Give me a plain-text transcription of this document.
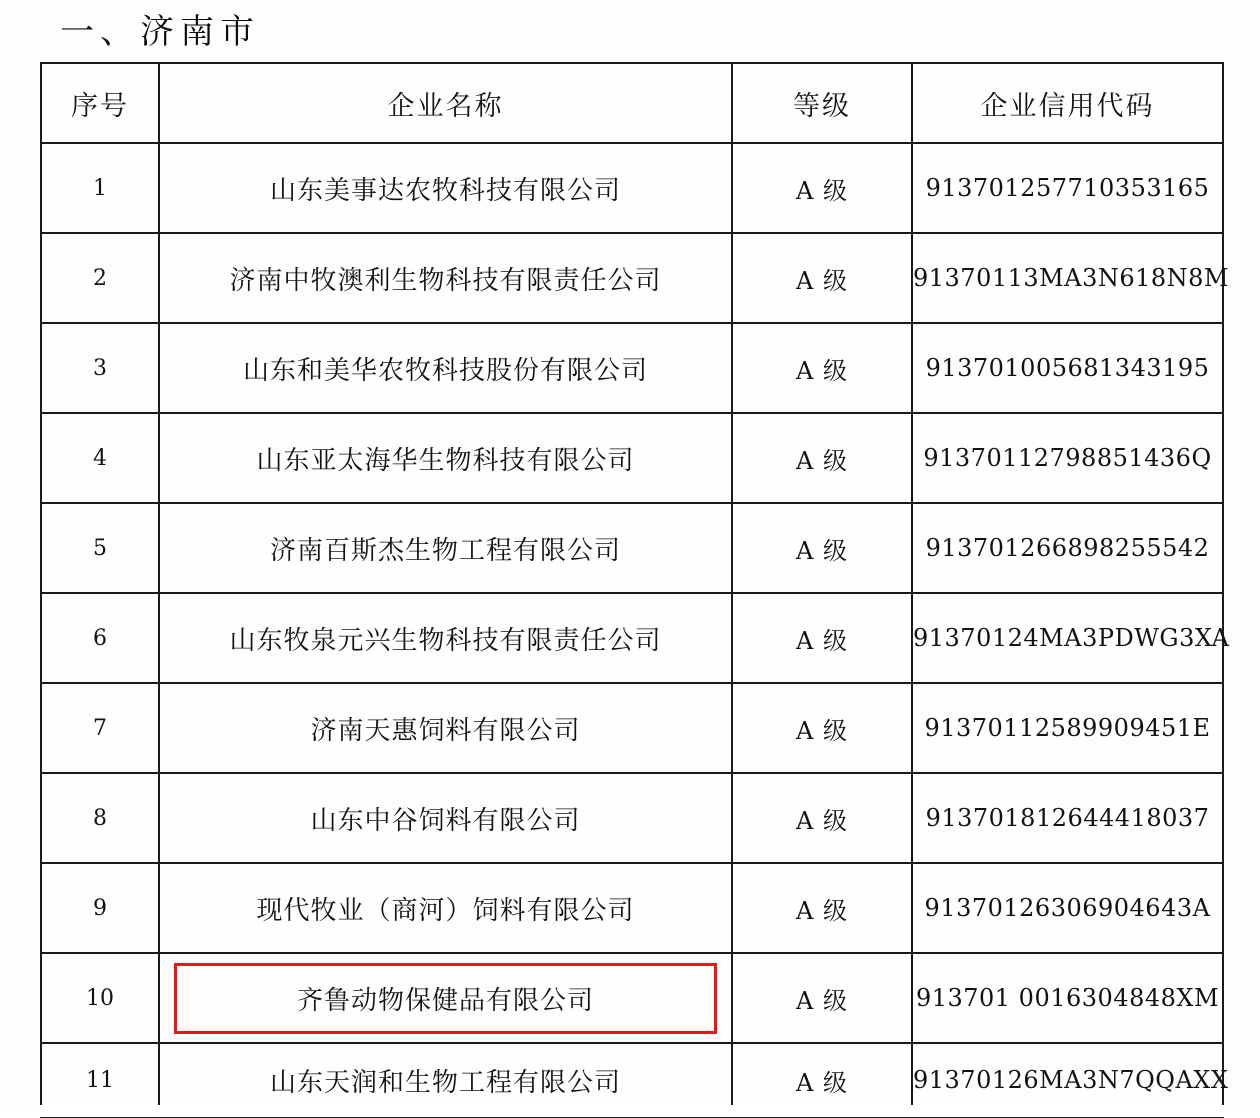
一、济南市
序号	企业名称	等级	企业信用代码
1	山东美事达农牧科技有限公司	A 级	913701257710353165
2	济南中牧澳利生物科技有限责任公司	A 级	91370113MA3N618N8M
3	山东和美华农牧科技股份有限公司	A 级	913701005681343195
4	山东亚太海华生物科技有限公司	A 级	91370112798851436Q
5	济南百斯杰生物工程有限公司	A 级	913701266898255542
6	山东牧泉元兴生物科技有限责任公司	A 级	91370124MA3PDWG3XA
7	济南天惠饲料有限公司	A 级	91370112589909451E
8	山东中谷饲料有限公司	A 级	913701812644418037
9	现代牧业（商河）饲料有限公司	A 级	91370126306904643A
10	齐鲁动物保健品有限公司	A 级	913701 0016304848XM
11	山东天润和生物工程有限公司	A 级	91370126MA3N7QQAXX
